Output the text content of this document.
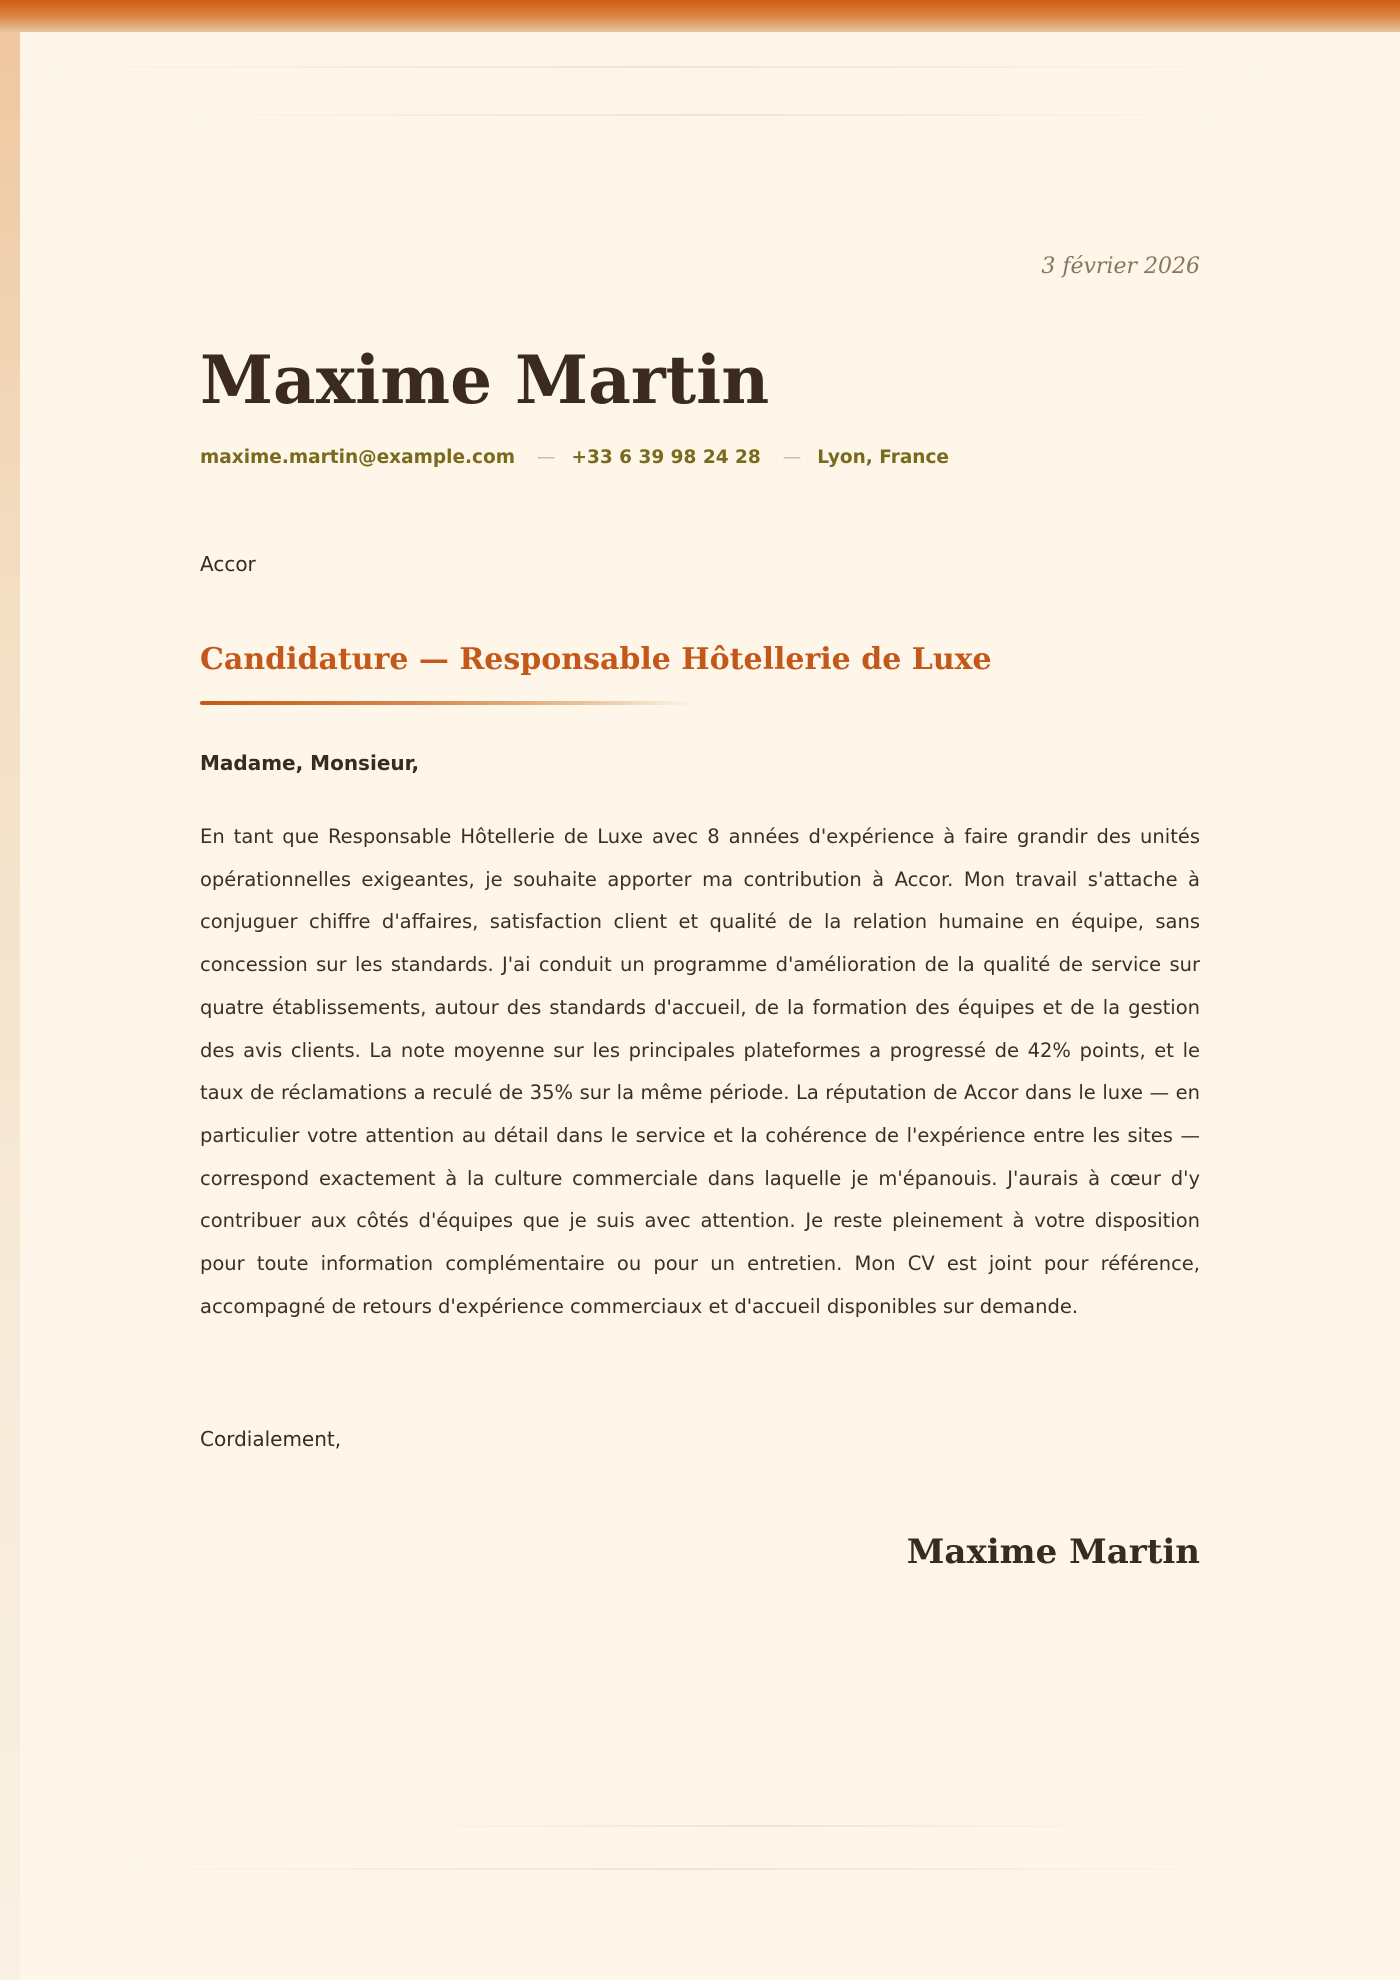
3 février 2026
Maxime Martin
maxime.martin@example.com — +33 6 39 98 24 28 — Lyon, France
Accor
Candidature — Responsable Hôtellerie de Luxe
Madame, Monsieur,

En tant que Responsable Hôtellerie de Luxe avec 8 années d'expérience à faire grandir des unités opérationnelles exigeantes, je souhaite apporter ma contribution à Accor. Mon travail s'attache à conjuguer chiffre d'affaires, satisfaction client et qualité de la relation humaine en équipe, sans concession sur les standards. J'ai conduit un programme d'amélioration de la qualité de service sur quatre établissements, autour des standards d'accueil, de la formation des équipes et de la gestion des avis clients. La note moyenne sur les principales plateformes a progressé de 42% points, et le taux de réclamations a reculé de 35% sur la même période. La réputation de Accor dans le luxe — en particulier votre attention au détail dans le service et la cohérence de l'expérience entre les sites — correspond exactement à la culture commerciale dans laquelle je m'épanouis. J'aurais à cœur d'y contribuer aux côtés d'équipes que je suis avec attention. Je reste pleinement à votre disposition pour toute information complémentaire ou pour un entretien. Mon CV est joint pour référence, accompagné de retours d'expérience commerciaux et d'accueil disponibles sur demande.

Cordialement,
Maxime Martin
